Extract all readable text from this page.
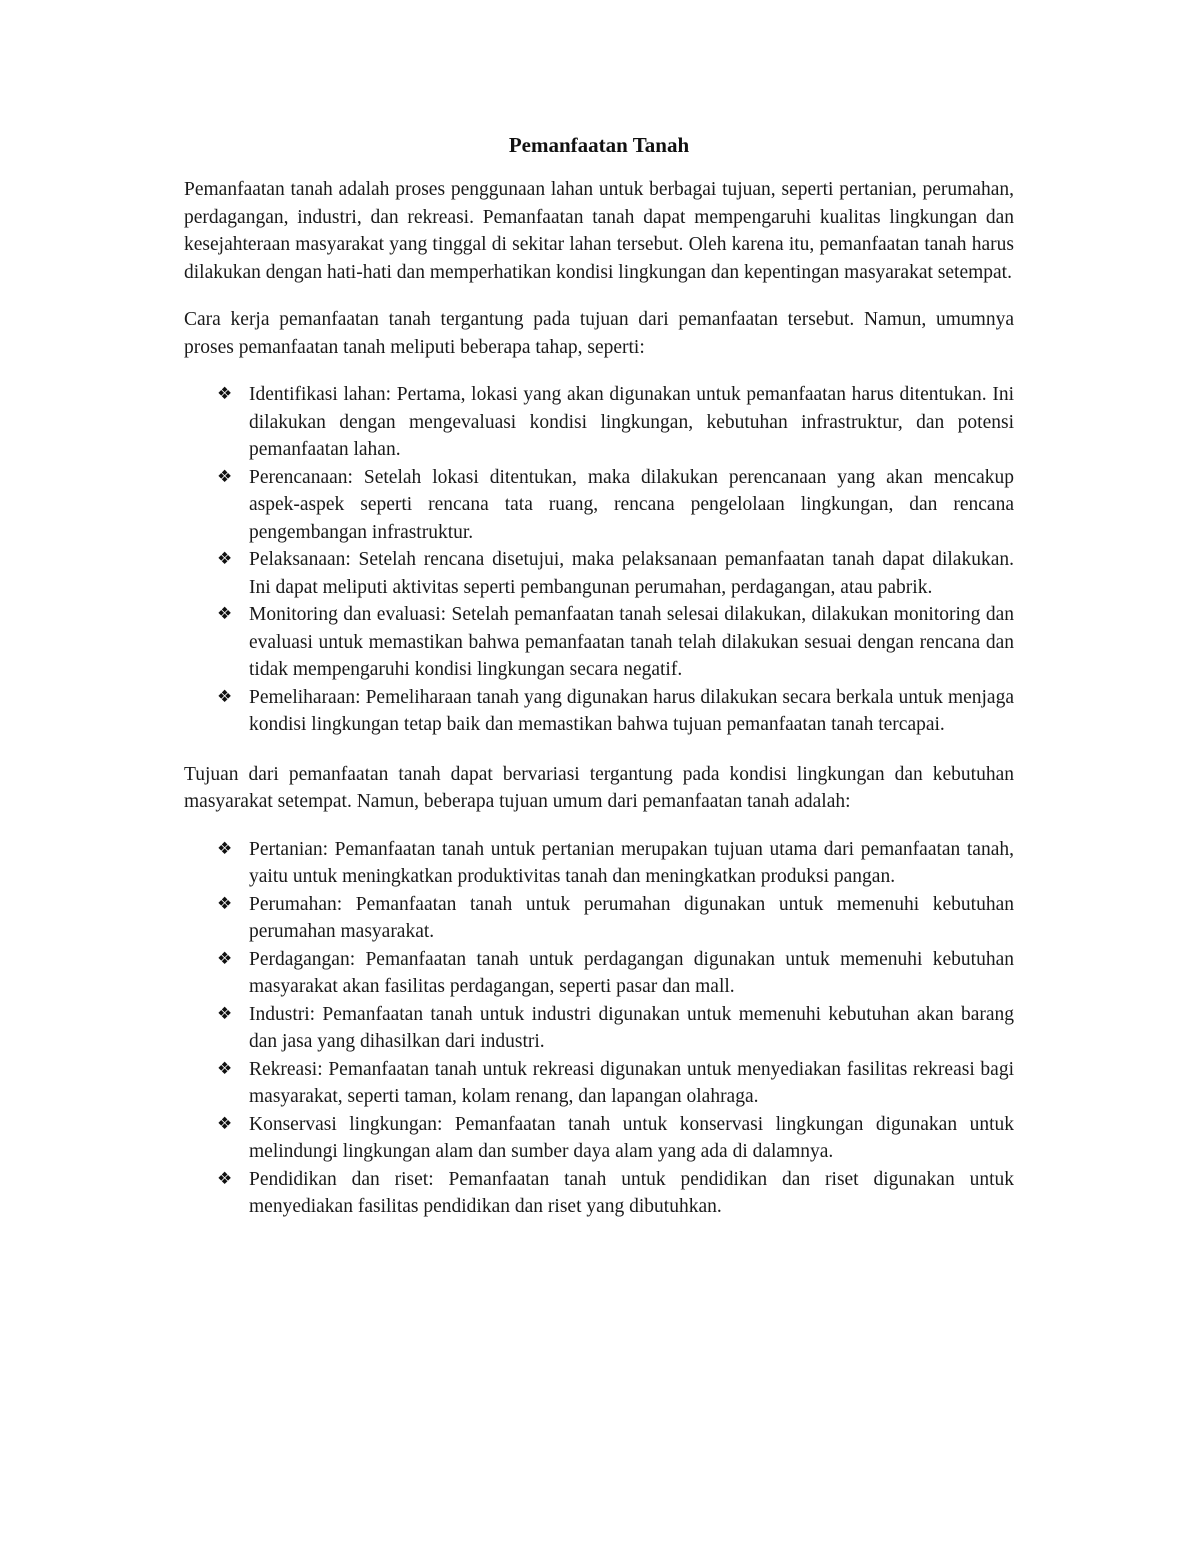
Pemanfaatan Tanah

Pemanfaatan tanah adalah proses penggunaan lahan untuk berbagai tujuan, seperti pertanian, perumahan, perdagangan, industri, dan rekreasi. Pemanfaatan tanah dapat mempengaruhi kualitas lingkungan dan kesejahteraan masyarakat yang tinggal di sekitar lahan tersebut. Oleh karena itu, pemanfaatan tanah harus dilakukan dengan hati-hati dan memperhatikan kondisi lingkungan dan kepentingan masyarakat setempat.

Cara kerja pemanfaatan tanah tergantung pada tujuan dari pemanfaatan tersebut. Namun, umumnya proses pemanfaatan tanah meliputi beberapa tahap, seperti:

❖ Identifikasi lahan: Pertama, lokasi yang akan digunakan untuk pemanfaatan harus ditentukan. Ini dilakukan dengan mengevaluasi kondisi lingkungan, kebutuhan infrastruktur, dan potensi pemanfaatan lahan.
❖ Perencanaan: Setelah lokasi ditentukan, maka dilakukan perencanaan yang akan mencakup aspek-aspek seperti rencana tata ruang, rencana pengelolaan lingkungan, dan rencana pengembangan infrastruktur.
❖ Pelaksanaan: Setelah rencana disetujui, maka pelaksanaan pemanfaatan tanah dapat dilakukan. Ini dapat meliputi aktivitas seperti pembangunan perumahan, perdagangan, atau pabrik.
❖ Monitoring dan evaluasi: Setelah pemanfaatan tanah selesai dilakukan, dilakukan monitoring dan evaluasi untuk memastikan bahwa pemanfaatan tanah telah dilakukan sesuai dengan rencana dan tidak mempengaruhi kondisi lingkungan secara negatif.
❖ Pemeliharaan: Pemeliharaan tanah yang digunakan harus dilakukan secara berkala untuk menjaga kondisi lingkungan tetap baik dan memastikan bahwa tujuan pemanfaatan tanah tercapai.

Tujuan dari pemanfaatan tanah dapat bervariasi tergantung pada kondisi lingkungan dan kebutuhan masyarakat setempat. Namun, beberapa tujuan umum dari pemanfaatan tanah adalah:

❖ Pertanian: Pemanfaatan tanah untuk pertanian merupakan tujuan utama dari pemanfaatan tanah, yaitu untuk meningkatkan produktivitas tanah dan meningkatkan produksi pangan.
❖ Perumahan: Pemanfaatan tanah untuk perumahan digunakan untuk memenuhi kebutuhan perumahan masyarakat.
❖ Perdagangan: Pemanfaatan tanah untuk perdagangan digunakan untuk memenuhi kebutuhan masyarakat akan fasilitas perdagangan, seperti pasar dan mall.
❖ Industri: Pemanfaatan tanah untuk industri digunakan untuk memenuhi kebutuhan akan barang dan jasa yang dihasilkan dari industri.
❖ Rekreasi: Pemanfaatan tanah untuk rekreasi digunakan untuk menyediakan fasilitas rekreasi bagi masyarakat, seperti taman, kolam renang, dan lapangan olahraga.
❖ Konservasi lingkungan: Pemanfaatan tanah untuk konservasi lingkungan digunakan untuk melindungi lingkungan alam dan sumber daya alam yang ada di dalamnya.
❖ Pendidikan dan riset: Pemanfaatan tanah untuk pendidikan dan riset digunakan untuk menyediakan fasilitas pendidikan dan riset yang dibutuhkan.
